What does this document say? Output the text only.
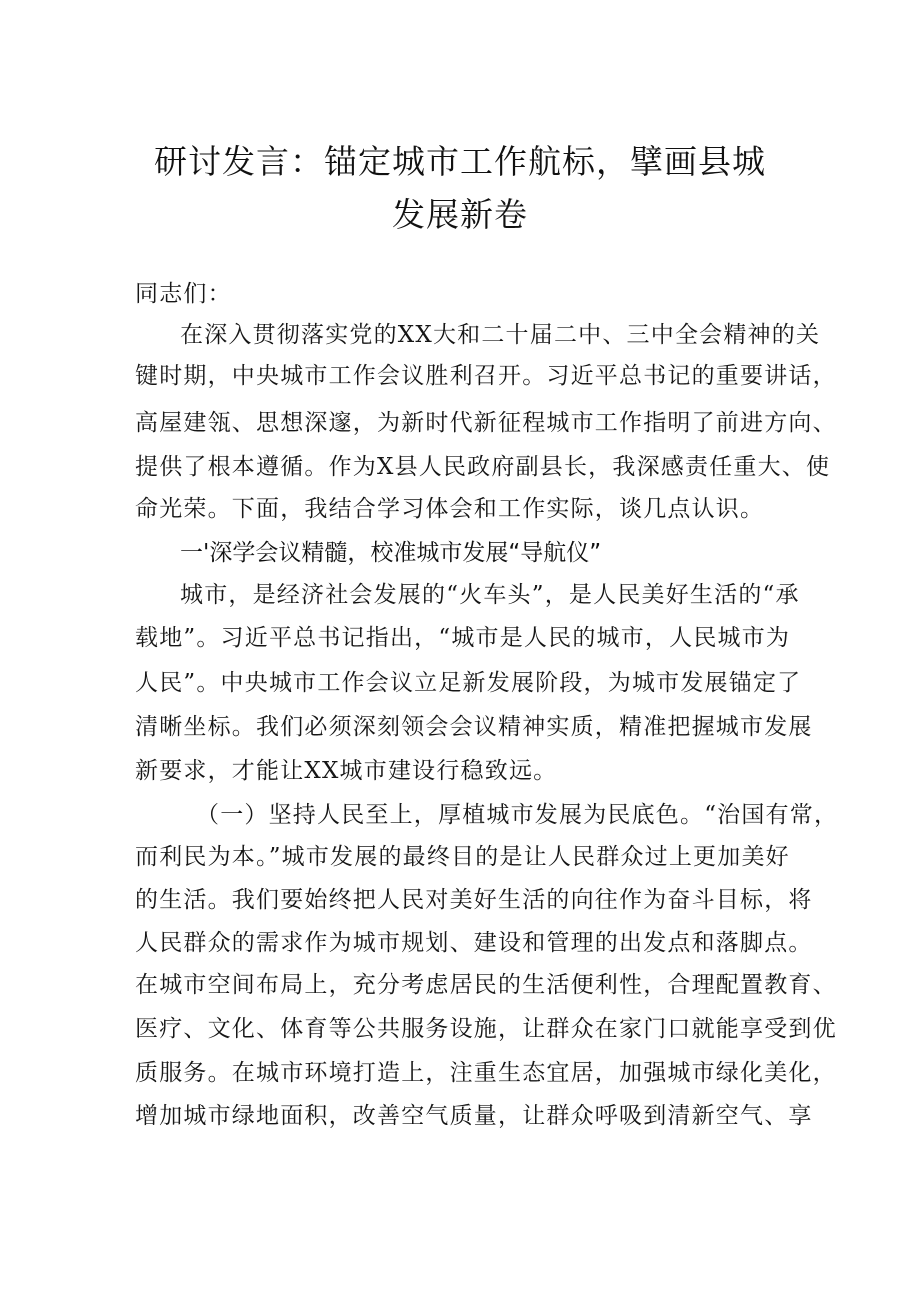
研讨发言：锚定城市工作航标，擘画县城
发展新卷
同志们：
在深入贯彻落实党的XX大和二十届二中、三中全会精神的关
键时期，中央城市工作会议胜利召开。习近平总书记的重要讲话，
高屋建瓴、思想深邃，为新时代新征程城市工作指明了前进方向、
提供了根本遵循。作为X县人民政府副县长，我深感责任重大、使
命光荣。下面，我结合学习体会和工作实际，谈几点认识。
一'深学会议精髓，校准城市发展“导航仪”
城市，是经济社会发展的“火车头”，是人民美好生活的“承
载地”。习近平总书记指出，“城市是人民的城市，人民城市为
人民”。中央城市工作会议立足新发展阶段，为城市发展锚定了
清晰坐标。我们必须深刻领会会议精神实质，精准把握城市发展
新要求，才能让XX城市建设行稳致远。
（一）坚持人民至上，厚植城市发展为民底色。“治国有常，
而利民为本。”城市发展的最终目的是让人民群众过上更加美好
的生活。我们要始终把人民对美好生活的向往作为奋斗目标，将
人民群众的需求作为城市规划、建设和管理的出发点和落脚点。
在城市空间布局上，充分考虑居民的生活便利性，合理配置教育、
医疗、文化、体育等公共服务设施，让群众在家门口就能享受到优
质服务。在城市环境打造上，注重生态宜居，加强城市绿化美化，
增加城市绿地面积，改善空气质量，让群众呼吸到清新空气、享
